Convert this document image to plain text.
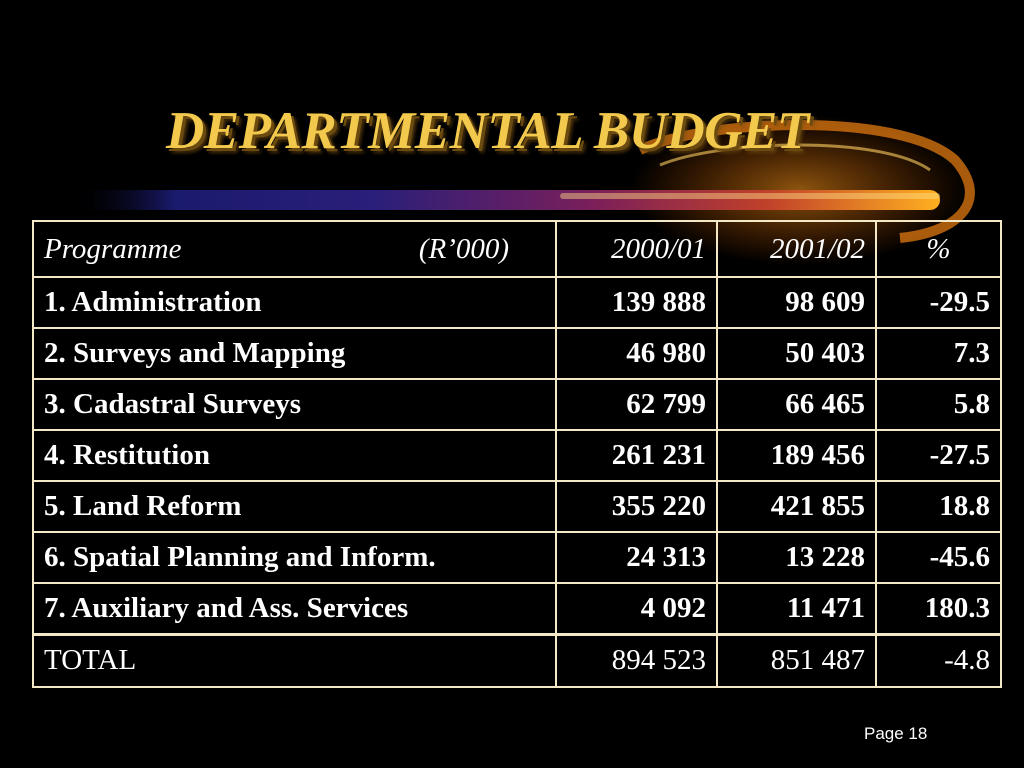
DEPARTMENTAL BUDGET
Programme (R’000)	2000/01	2001/02	%
1. Administration	139 888	98 609	-29.5
2. Surveys and Mapping	46 980	50 403	7.3
3. Cadastral Surveys	62 799	66 465	5.8
4. Restitution	261 231	189 456	-27.5
5. Land Reform	355 220	421 855	18.8
6. Spatial Planning and Inform.	24 313	13 228	-45.6
7. Auxiliary and Ass. Services	4 092	11 471	180.3
TOTAL	894 523	851 487	-4.8
Page 18
